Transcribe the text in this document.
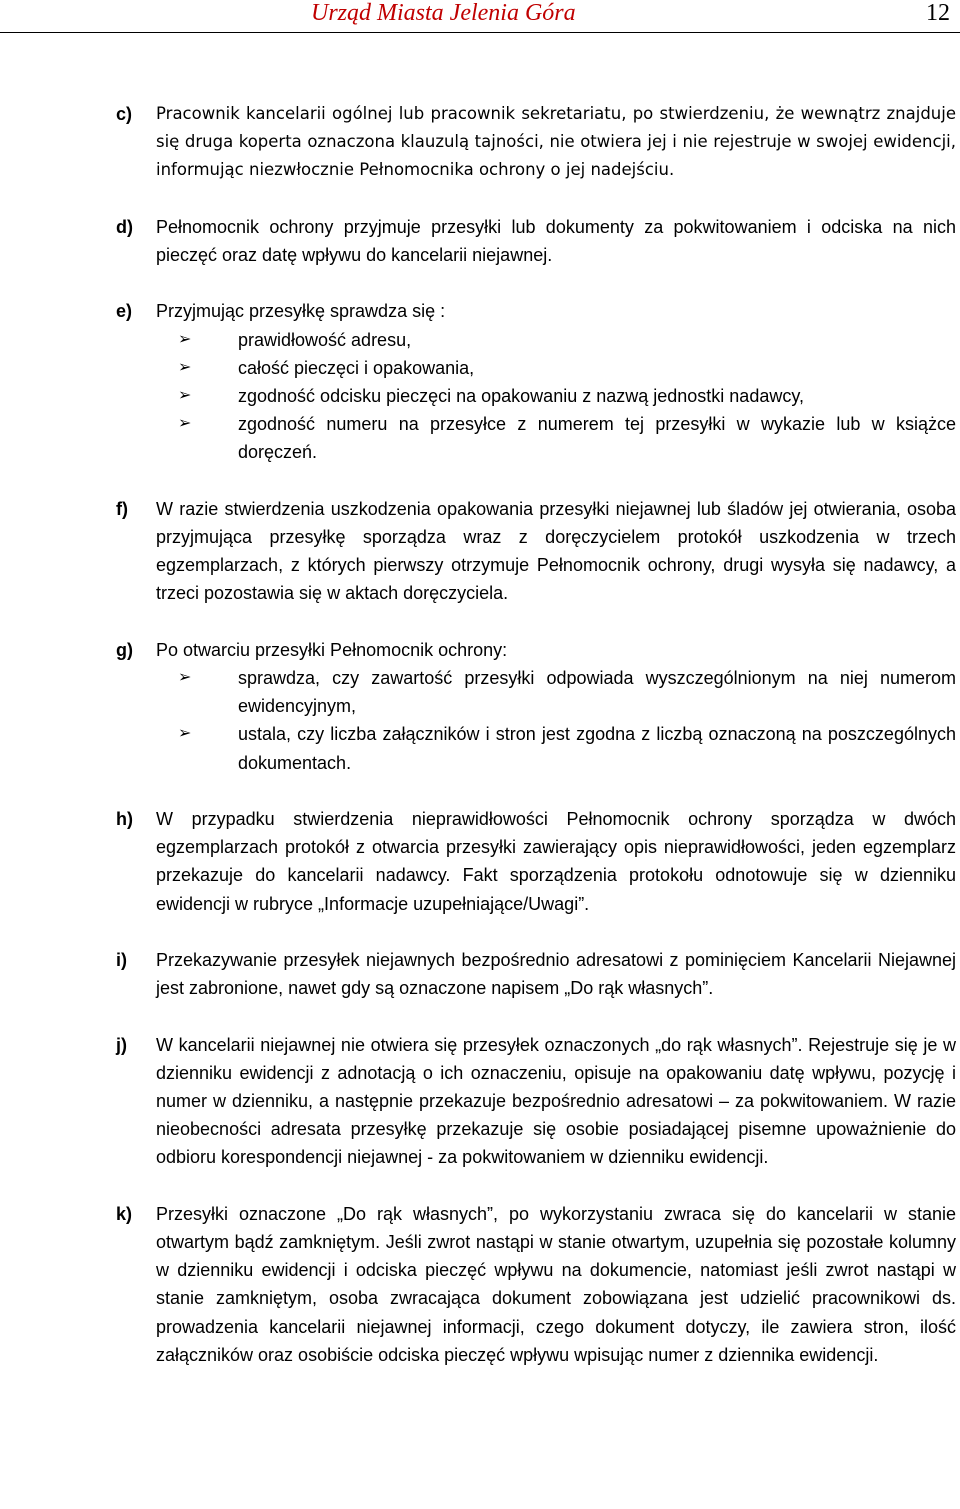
Urząd Miasta Jelenia Góra	12
c) Pracownik kancelarii ogólnej lub pracownik sekretariatu, po stwierdzeniu, że wewnątrz znajduje się druga koperta oznaczona klauzulą tajności, nie otwiera jej i nie rejestruje w swojej ewidencji, informując niezwłocznie Pełnomocnika ochrony o jej nadejściu.
d) Pełnomocnik ochrony przyjmuje przesyłki lub dokumenty za pokwitowaniem i odciska na nich pieczęć oraz datę wpływu do kancelarii niejawnej.
e) Przyjmując przesyłkę sprawdza się :
➢	prawidłowość adresu,
➢	całość pieczęci i opakowania,
➢	zgodność odcisku pieczęci na opakowaniu z nazwą jednostki nadawcy,
➢	zgodność numeru na przesyłce z numerem tej przesyłki w wykazie lub w książce doręczeń.
f) W razie stwierdzenia uszkodzenia opakowania przesyłki niejawnej lub śladów jej otwierania, osoba przyjmująca przesyłkę sporządza wraz z doręczycielem protokół uszkodzenia w trzech egzemplarzach, z których pierwszy otrzymuje Pełnomocnik ochrony, drugi wysyła się nadawcy, a trzeci pozostawia się w aktach doręczyciela.
g) Po otwarciu przesyłki Pełnomocnik ochrony:
➢	sprawdza, czy zawartość przesyłki odpowiada wyszczególnionym na niej numerom ewidencyjnym,
➢	ustala, czy liczba załączników i stron jest zgodna z liczbą oznaczoną na poszczególnych dokumentach.
h) W przypadku stwierdzenia nieprawidłowości Pełnomocnik ochrony sporządza w dwóch egzemplarzach protokół z otwarcia przesyłki zawierający opis nieprawidłowości, jeden egzemplarz przekazuje do kancelarii nadawcy. Fakt sporządzenia protokołu odnotowuje się w dzienniku ewidencji w rubryce „Informacje uzupełniające/Uwagi”.
i) Przekazywanie przesyłek niejawnych bezpośrednio adresatowi z pominięciem Kancelarii Niejawnej jest zabronione, nawet gdy są oznaczone napisem „Do rąk własnych”.
j) W kancelarii niejawnej nie otwiera się przesyłek oznaczonych „do rąk własnych”. Rejestruje się je w dzienniku ewidencji z adnotacją o ich oznaczeniu, opisuje na opakowaniu datę wpływu, pozycję i numer w dzienniku, a następnie przekazuje bezpośrednio adresatowi – za pokwitowaniem. W razie nieobecności adresata przesyłkę przekazuje się osobie posiadającej pisemne upoważnienie do odbioru korespondencji niejawnej - za pokwitowaniem w dzienniku ewidencji.
k) Przesyłki oznaczone „Do rąk własnych”, po wykorzystaniu zwraca się do kancelarii w stanie otwartym bądź zamkniętym. Jeśli zwrot nastąpi w stanie otwartym, uzupełnia się pozostałe kolumny w dzienniku ewidencji i odciska pieczęć wpływu na dokumencie, natomiast jeśli zwrot nastąpi w stanie zamkniętym, osoba zwracająca dokument zobowiązana jest udzielić pracownikowi ds. prowadzenia kancelarii niejawnej informacji, czego dokument dotyczy, ile zawiera stron, ilość załączników oraz osobiście odciska pieczęć wpływu wpisując numer z dziennika ewidencji.
